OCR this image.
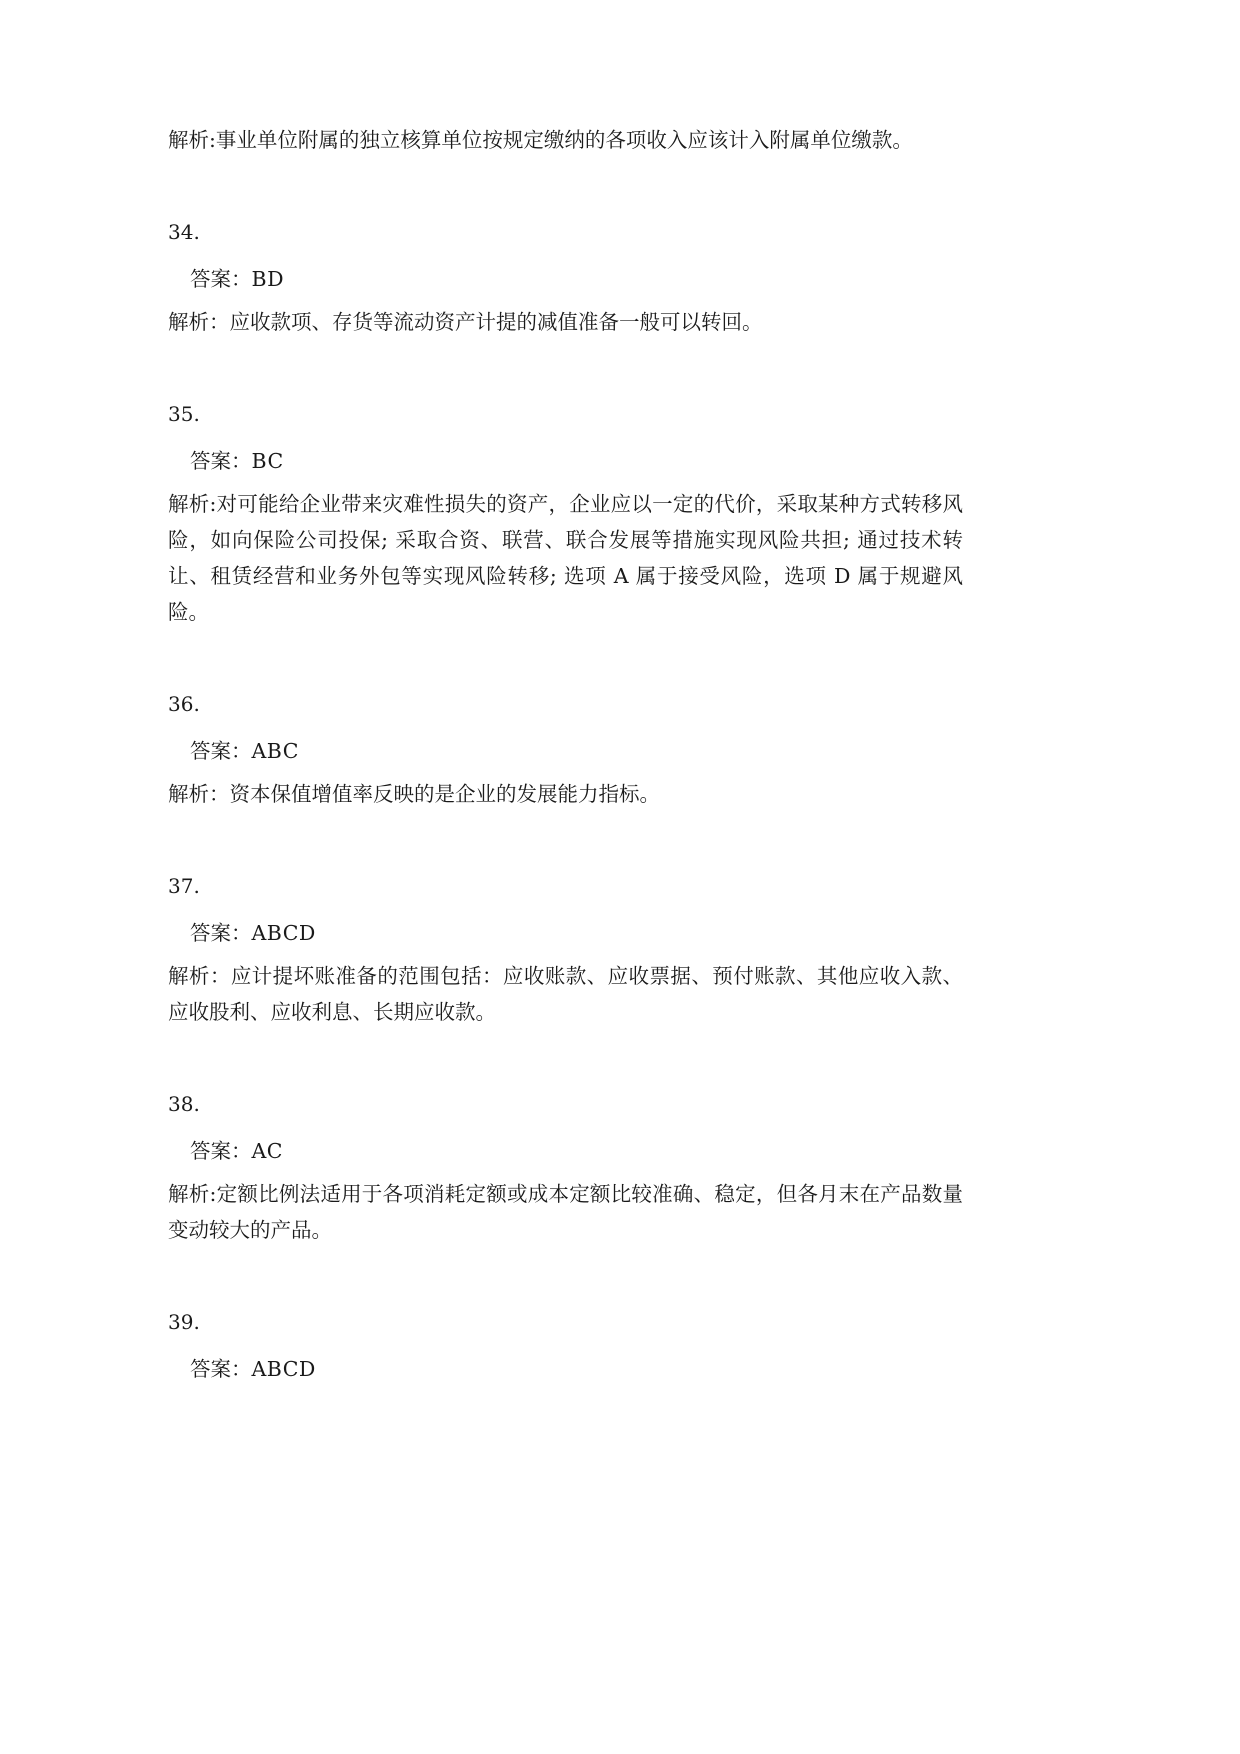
解析:事业单位附属的独立核算单位按规定缴纳的各项收入应该计入附属单位缴款。

34.

答案：BD

解析：应收款项、存货等流动资产计提的减值准备一般可以转回。

35.

答案：BC

解析:对可能给企业带来灾难性损失的资产，企业应以一定的代价，采取某种方式转移风险，如向保险公司投保; 采取合资、联营、联合发展等措施实现风险共担; 通过技术转让、租赁经营和业务外包等实现风险转移; 选项 A 属于接受风险，选项 D 属于规避风险。

36.

答案：ABC

解析：资本保值增值率反映的是企业的发展能力指标。

37.

答案：ABCD

解析：应计提坏账准备的范围包括：应收账款、应收票据、预付账款、其他应收入款、应收股利、应收利息、长期应收款。

38.

答案：AC

解析:定额比例法适用于各项消耗定额或成本定额比较准确、稳定，但各月末在产品数量变动较大的产品。

39.

答案：ABCD
